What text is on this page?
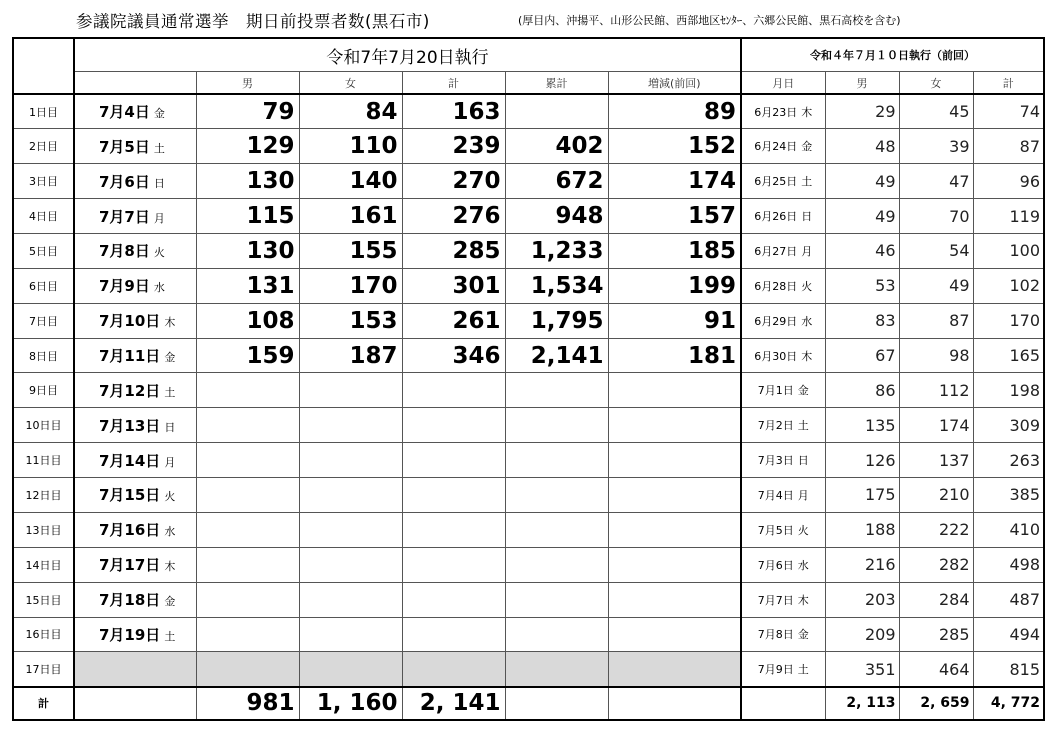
参議院議員通常選挙　期日前投票者数(黒石市)	(厚目内、沖揚平、山形公民館、西部地区ｾﾝﾀｰ、六郷公民館、黒石高校を含む)
	令和7年7月20日執行						令和４年７月１０日執行（前回）			
		男	女	計	累計	増減(前回)	月日	男	女	計
1日目	7月4日 金	79	84	163		89	6月23日 木	29	45	74
2日目	7月5日 土	129	110	239	402	152	6月24日 金	48	39	87
3日目	7月6日 日	130	140	270	672	174	6月25日 土	49	47	96
4日目	7月7日 月	115	161	276	948	157	6月26日 日	49	70	119
5日目	7月8日 火	130	155	285	1,233	185	6月27日 月	46	54	100
6日目	7月9日 水	131	170	301	1,534	199	6月28日 火	53	49	102
7日目	7月10日 木	108	153	261	1,795	91	6月29日 水	83	87	170
8日目	7月11日 金	159	187	346	2,141	181	6月30日 木	67	98	165
9日目	7月12日 土						7月1日 金	86	112	198
10日目	7月13日 日						7月2日 土	135	174	309
11日目	7月14日 月						7月3日 日	126	137	263
12日目	7月15日 火						7月4日 月	175	210	385
13日目	7月16日 水						7月5日 火	188	222	410
14日目	7月17日 木						7月6日 水	216	282	498
15日目	7月18日 金						7月7日 木	203	284	487
16日目	7月19日 土						7月8日 金	209	285	494
17日目							7月9日 土	351	464	815
計		981	1, 160	2, 141				2, 113	2, 659	4, 772
